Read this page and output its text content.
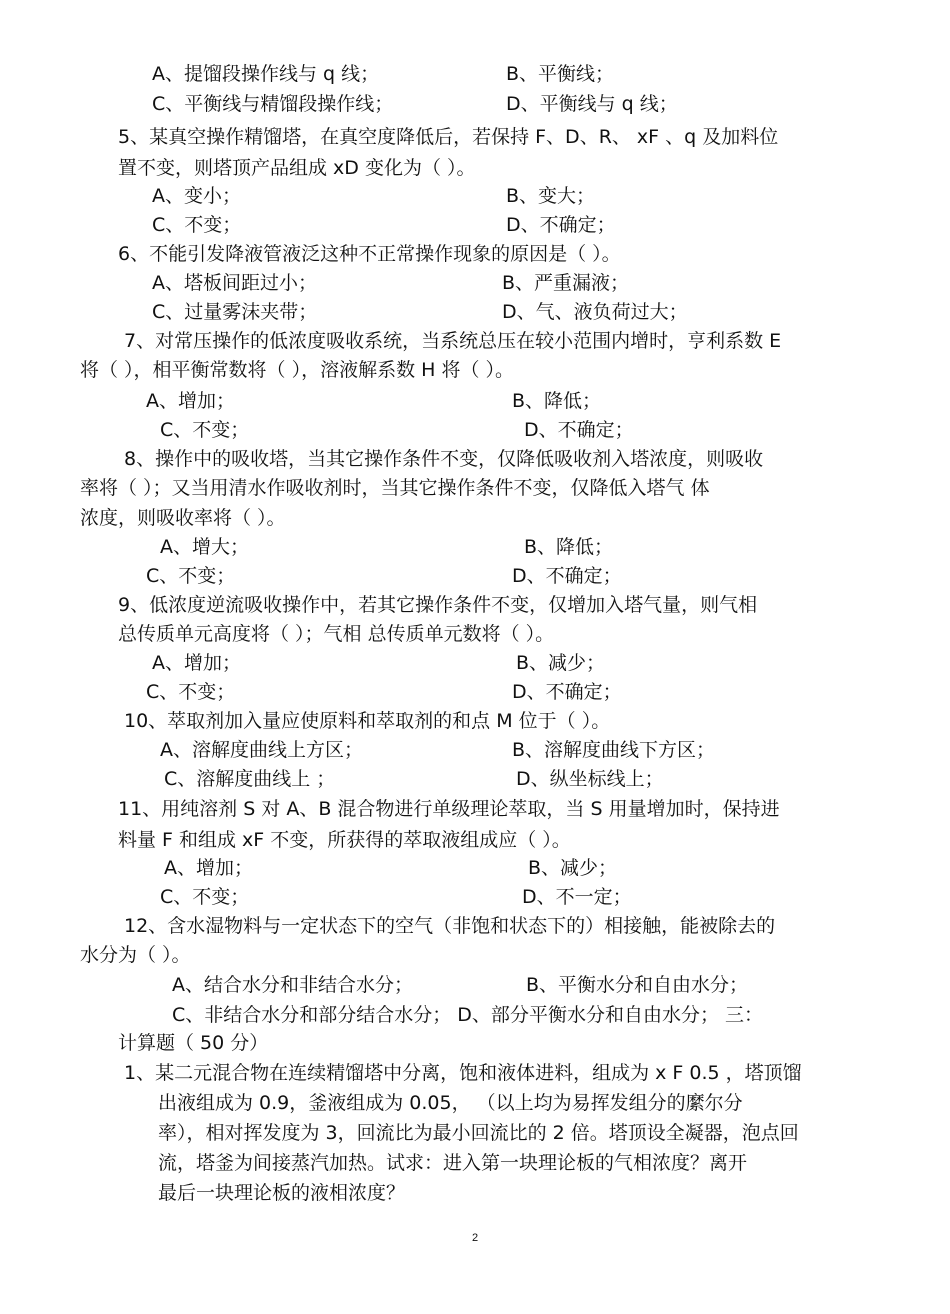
A、提馏段操作线与 q 线；	B、平衡线；
C、平衡线与精馏段操作线；	D、平衡线与 q 线；
5、某真空操作精馏塔，在真空度降低后，若保持 F、D、R、 xF 、q 及加料位
置不变，则塔顶产品组成 xD 变化为（ ）。
A、变小；	B、变大；
C、不变；	D、不确定；
6、不能引发降液管液泛这种不正常操作现象的原因是（ ）。
A、塔板间距过小；	B、严重漏液；
C、过量雾沫夹带；	D、气、液负荷过大；
7、对常压操作的低浓度吸收系统，当系统总压在较小范围内增时，亨利系数 E
将（ ），相平衡常数将（ ），溶液解系数 H 将（ ）。
A、增加；	B、降低；
C、不变；	D、不确定；
8、操作中的吸收塔，当其它操作条件不变，仅降低吸收剂入塔浓度，则吸收
率将（ ）；又当用清水作吸收剂时，当其它操作条件不变，仅降低入塔气 体
浓度，则吸收率将（ ）。
A、增大；	B、降低；
C、不变；	D、不确定；
9、低浓度逆流吸收操作中，若其它操作条件不变，仅增加入塔气量，则气相
总传质单元高度将（ ）；气相 总传质单元数将（ ）。
A、增加；	B、减少；
C、不变；	D、不确定；
10、萃取剂加入量应使原料和萃取剂的和点 M 位于（ ）。
A、溶解度曲线上方区；	B、溶解度曲线下方区；
C、溶解度曲线上 ；	D、纵坐标线上；
11、用纯溶剂 S 对 A、B 混合物进行单级理论萃取，当 S 用量增加时，保持进
料量 F 和组成 xF 不变，所获得的萃取液组成应（ ）。
A、增加；	B、减少；
C、不变；	D、不一定；
12、含水湿物料与一定状态下的空气（非饱和状态下的）相接触，能被除去的
水分为（ ）。
A、结合水分和非结合水分；	B、平衡水分和自由水分；
C、非结合水分和部分结合水分； D、部分平衡水分和自由水分； 三：
计算题（ 50 分）
1、某二元混合物在连续精馏塔中分离，饱和液体进料，组成为 x F 0.5 ，塔顶馏
出液组成为 0.9，釜液组成为 0.05， （以上均为易挥发组分的縻尔分
率），相对挥发度为 3，回流比为最小回流比的 2 倍。塔顶设全凝器，泡点回
流，塔釜为间接蒸汽加热。试求：进入第一块理论板的气相浓度？离开
最后一块理论板的液相浓度？
2
